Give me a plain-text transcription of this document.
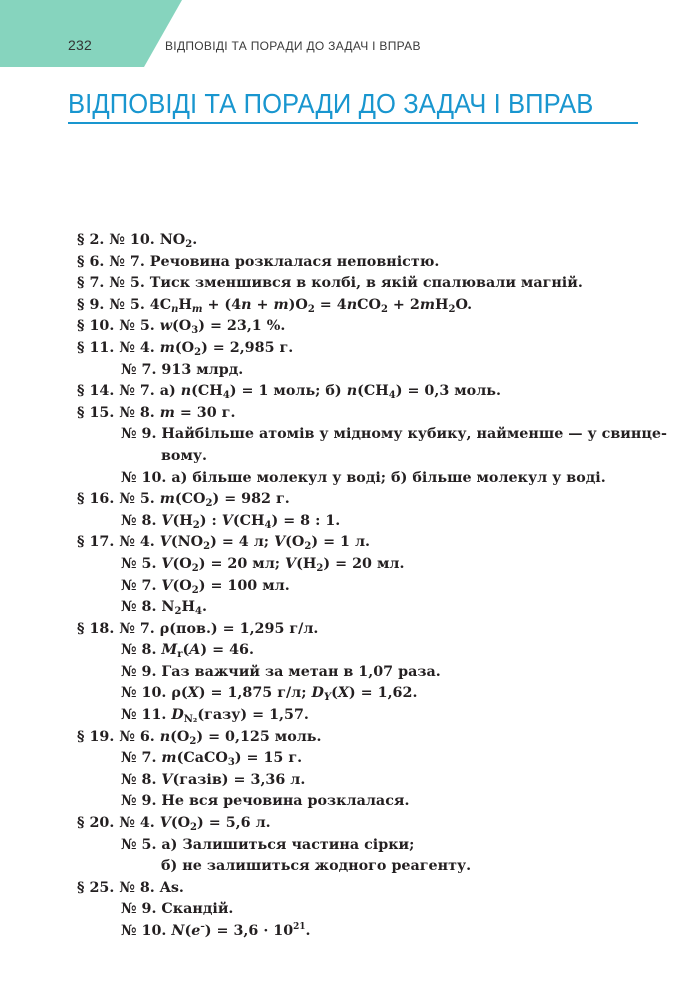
232	ВІДПОВІДІ ТА ПОРАДИ ДО ЗАДАЧ І ВПРАВ
ВІДПОВІДІ ТА ПОРАДИ ДО ЗАДАЧ І ВПРАВ
§ 2. № 10. $NO_2$.
§ 6. № 7. Речовина розклалася неповністю.
§ 7. № 5. Тиск зменшився в колбі, в якій спалювали магній.
§ 9. № 5. $4C_nH_m + (4n + m)O_2 = 4nCO_2 + 2mH_2O$.
§ 10. № 5. $w(O_3) = 23,1$ %.
§ 11. № 4. $m(O_2) = 2,985$ г.
№ 7. 913 млрд.
§ 14. № 7. а) $n(CH_4) = 1$ моль; б) $n(CH_4) = 0,3$ моль.
§ 15. № 8. m = 30 г.
№ 9. Найбільше атомів у мідному кубику, найменше — у свинце-
вому.
№ 10. а) більше молекул у воді; б) більше молекул у воді.
§ 16. № 5. $m(CO_2) = 982$ г.
№ 8. $V(H_2)$ : $V(CH_4) = 8$ : 1.
§ 17. № 4. $V(NO_2) = 4$ л; $V(O_2) = 1$ л.
№ 5. $V(O_2) = 20$ мл; $V(H_2) = 20$ мл.
№ 7. $V(O_2) = 100$ мл.
№ 8. $N_2H_4$.
§ 18. № 7. ρ(пов.) = 1,295 г/л.
№ 8. $M_r(A) = 46$.
№ 9. Газ важчий за метан в 1,07 раза.
№ 10. ρ(X) = 1,875 г/л; $D_Y(X) = 1,62$.
№ 11. $D_{N_2}(газу) = 1,57$.
§ 19. № 6. $n(O_2) = 0,125$ моль.
№ 7. m(CaCO$_3$) = 15 г.
№ 8. V(газів) = 3,36 л.
№ 9. Не вся речовина розклалася.
§ 20. № 4. $V(O_2) = 5,6$ л.
№ 5. а) Залишиться частина сірки;
б) не залишиться жодного реагенту.
§ 25. № 8. As.
№ 9. Скандій.
№ 10. $N(e^-) = 3,6 \cdot 10^{21}$.
